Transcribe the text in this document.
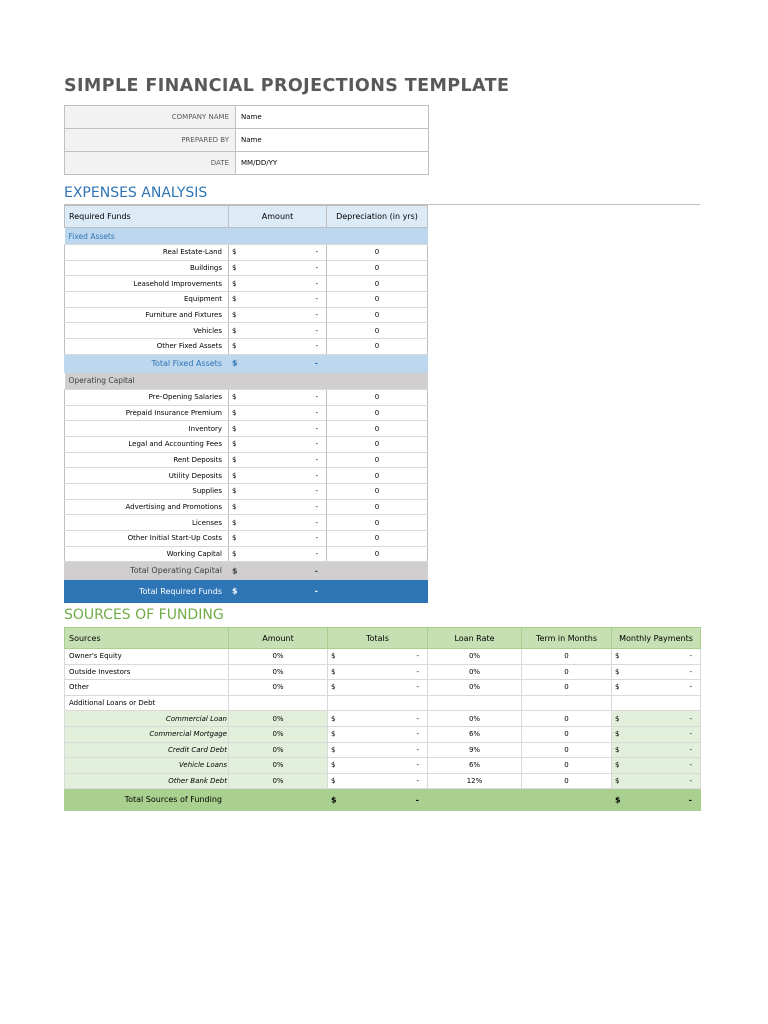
SIMPLE FINANCIAL PROJECTIONS TEMPLATE
COMPANY NAME	Name
PREPARED BY	Name
DATE	MM/DD/YY
EXPENSES ANALYSIS
Required Funds	Amount	Depreciation (in yrs)
Fixed Assets		
Real Estate-Land	$ -	0
Buildings	$ -	0
Leasehold Improvements	$ -	0
Equipment	$ -	0
Furniture and Fixtures	$ -	0
Vehicles	$ -	0
Other Fixed Assets	$ -	0
Total Fixed Assets	$ -	

Operating Capital		
Pre-Opening Salaries	$ -	0
Prepaid Insurance Premium	$ -	0
Inventory	$ -	0
Legal and Accounting Fees	$ -	0
Rent Deposits	$ -	0
Utility Deposits	$ -	0
Supplies	$ -	0
Advertising and Promotions	$ -	0
Licenses	$ -	0
Other Initial Start-Up Costs	$ -	0
Working Capital	$ -	0
Total Operating Capital	$ -	

Total Required Funds	$ -	

SOURCES OF FUNDING
Sources	Amount	Totals	Loan Rate	Term in Months	Monthly Payments
Owner's Equity	0%	$ -	0%	0	$ -

Outside Investors	0%	$ -	0%	0	$ -

Other	0%	$ -	0%	0	$ -

Additional Loans or Debt					
Commercial Loan	0%	$ -	0%	0	$ -

Commercial Mortgage	0%	$ -	6%	0	$ -

Credit Card Debt	0%	$ -	9%	0	$ -

Vehicle Loans	0%	$ -	6%	0	$ -

Other Bank Debt	0%	$ -	12%	0	$ -

Total Sources of Funding		$ -			$ -
